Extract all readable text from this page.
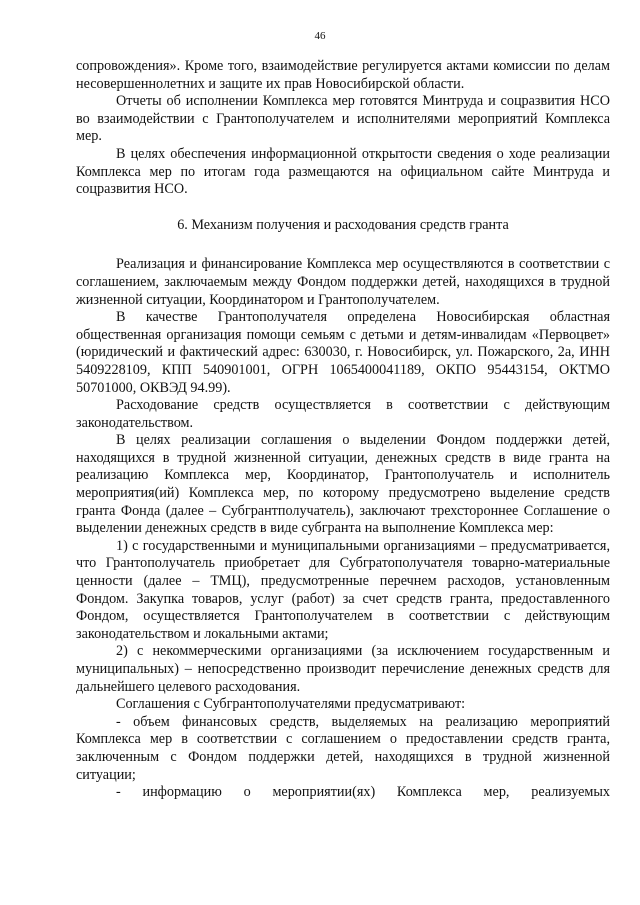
46

сопровождения». Кроме того, взаимодействие регулируется актами комиссии по делам несовершеннолетних и защите их прав Новосибирской области.

Отчеты об исполнении Комплекса мер готовятся Минтруда и соцразвития НСО во взаимодействии с Грантополучателем и исполнителями мероприятий Комплекса мер.

В целях обеспечения информационной открытости сведения о ходе реализации Комплекса мер по итогам года размещаются на официальном сайте Минтруда и соцразвития НСО.

6. Механизм получения и расходования средств гранта

Реализация и финансирование Комплекса мер осуществляются в соответствии с соглашением, заключаемым между Фондом поддержки детей, находящихся в трудной жизненной ситуации, Координатором и Грантополучателем.

В качестве Грантополучателя определена Новосибирская областная общественная организация помощи семьям с детьми и детям-инвалидам «Первоцвет» (юридический и фактический адрес: 630030, г. Новосибирск, ул. Пожарского, 2а, ИНН 5409228109, КПП 540901001, ОГРН 1065400041189, ОКПО 95443154, ОКТМО 50701000, ОКВЭД 94.99).

Расходование средств осуществляется в соответствии с действующим законодательством.

В целях реализации соглашения о выделении Фондом поддержки детей, находящихся в трудной жизненной ситуации, денежных средств в виде гранта на реализацию Комплекса мер, Координатор, Грантополучатель и исполнитель мероприятия(ий) Комплекса мер, по которому предусмотрено выделение средств гранта Фонда (далее – Субгрантполучатель), заключают трехстороннее Соглашение о выделении денежных средств в виде субгранта на выполнение Комплекса мер:

1) с государственными и муниципальными организациями – предусматривается, что Грантополучатель приобретает для Субгратополучателя товарно-материальные ценности (далее – ТМЦ), предусмотренные перечнем расходов, установленным Фондом. Закупка товаров, услуг (работ) за счет средств гранта, предоставленного Фондом, осуществляется Грантополучателем в соответствии с действующим законодательством и локальными актами;

2) с некоммерческими организациями (за исключением государственным и муниципальных) – непосредственно производит перечисление денежных средств для дальнейшего целевого расходования.

Соглашения с Субгрантополучателями предусматривают:

- объем финансовых средств, выделяемых на реализацию мероприятий Комплекса мер в соответствии с соглашением о предоставлении средств гранта, заключенным с Фондом поддержки детей, находящихся в трудной жизненной ситуации;

- информацию о мероприятии(ях) Комплекса мер, реализуемых
